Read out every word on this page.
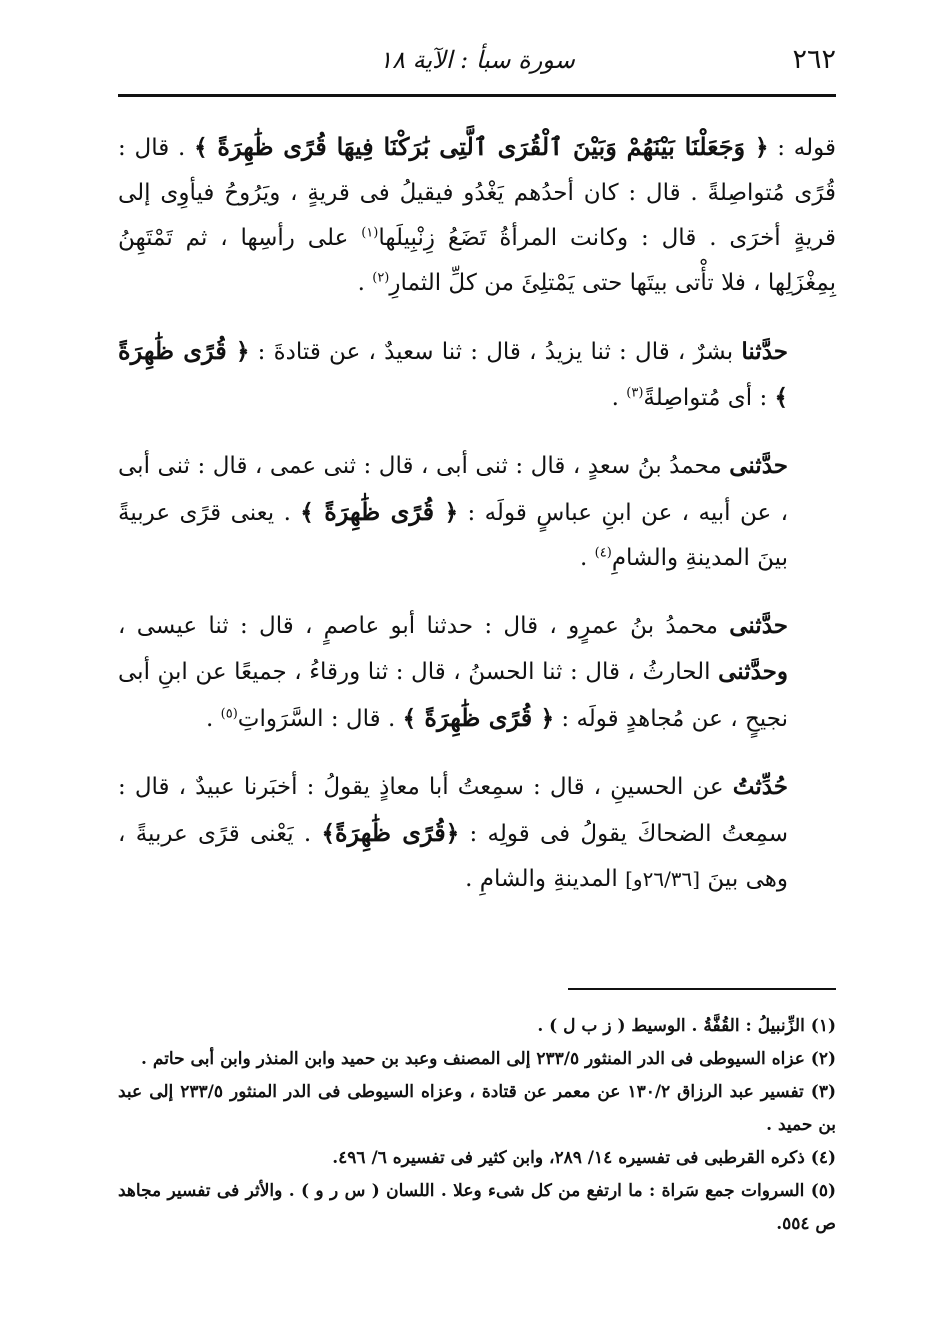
٢٦٢
سورة سبأ : الآية ١٨

قوله : ﴿ وَجَعَلْنَا بَيْنَهُمْ وَبَيْنَ ٱلْقُرَى ٱلَّتِى بَٰرَكْنَا فِيهَا قُرًى ظَٰهِرَةً ﴾ . قال : قُرًى مُتواصِلةً . قال : كان أحدُهم يَغْدُو فيقيلُ فى قريةٍ ، ويَرُوحُ فيأوِى إلى قريةٍ أخرَى . قال : وكانت المرأةُ تَضَعُ زِنْبِيلَها$^{(١)}$ على رأسِها ، ثم تَمْتَهِنُ بِمِغْزَلِها ، فلا تأْتى بيتَها حتى يَمْتلِئَ من كلِّ الثمارِ$^{(٢)}$ .

حدَّثنا بشرٌ ، قال : ثنا يزيدُ ، قال : ثنا سعيدٌ ، عن قتادةَ : ﴿ قُرًى ظَٰهِرَةً ﴾ : أى مُتواصِلةً$^{(٣)}$ .

حدَّثنى محمدُ بنُ سعدٍ ، قال : ثنى أبى ، قال : ثنى عمى ، قال : ثنى أبى ، عن أبيه ، عن ابنِ عباسٍ قولَه : ﴿ قُرًى ظَٰهِرَةً ﴾ . يعنى قرًى عربيةً بينَ المدينةِ والشامِ$^{(٤)}$ .

حدَّثنى محمدُ بنُ عمرٍو ، قال : حدثنا أبو عاصمٍ ، قال : ثنا عيسى ، وحدَّثنى الحارثُ ، قال : ثنا الحسنُ ، قال : ثنا ورقاءُ ، جميعًا عن ابنِ أبى نجيحٍ ، عن مُجاهدٍ قولَه : ﴿ قُرًى ظَٰهِرَةً ﴾ . قال : السَّرَواتِ$^{(٥)}$ .

حُدِّثتُ عن الحسينِ ، قال : سمِعتُ أبا معاذٍ يقولُ : أخبَرنا عبيدٌ ، قال : سمِعتُ الضحاكَ يقولُ فى قولِه : ﴿قُرًى ظَٰهِرَةً﴾ . يَعْنى قرًى عربيةً ، وهى بينَ [٢٦/٣٦و] المدينةِ والشامِ .

(١) الزِّنبيلُ : القُفَّةُ . الوسيط ( ز ب ل ) .

(٢) عزاه السيوطى فى الدر المنثور ٢٣٣/٥ إلى المصنف وعبد بن حميد وابن المنذر وابن أبى حاتم .

(٣) تفسير عبد الرزاق ١٣٠/٢ عن معمر عن قتادة ، وعزاه السيوطى فى الدر المنثور ٢٣٣/٥ إلى عبد بن حميد .

(٤) ذكره القرطبى فى تفسيره ١٤/ ٢٨٩، وابن كثير فى تفسيره ٦/ ٤٩٦.

(٥) السروات جمع سَراة : ما ارتفع من كل شىء وعلا . اللسان ( س ر و ) . والأثر فى تفسير مجاهد ص ٥٥٤.
